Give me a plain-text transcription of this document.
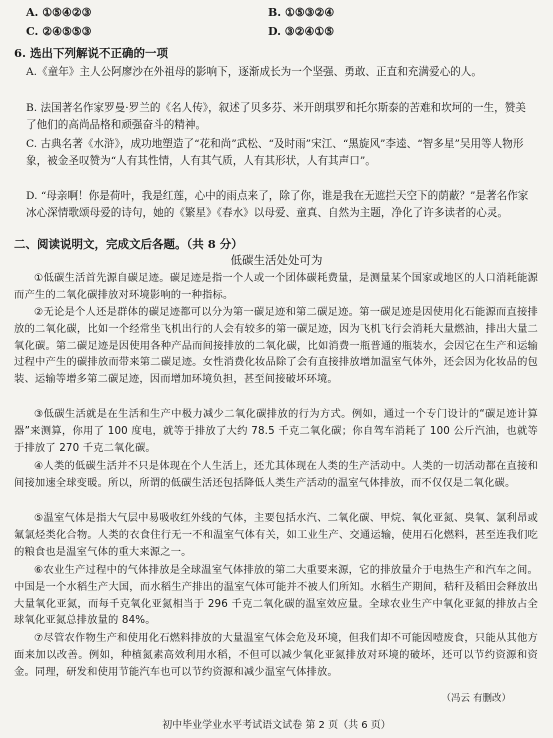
A. ①⑤④②③	B. ①⑤③②④
C. ②④⑤⑤③	D. ③②④①⑤
6. 选出下列解说不正确的一项
A.《童年》主人公阿廖沙在外祖母的影响下，逐渐成长为一个坚强、勇敢、正直和充满爱心的人。
B. 法国著名作家罗曼·罗兰的《名人传》，叙述了贝多芬、米开朗琪罗和托尔斯泰的苦难和坎坷的一生，赞美了他们的高尚品格和顽强奋斗的精神。
C. 古典名著《水浒》，成功地塑造了“花和尚”武松、“及时雨”宋江、“黑旋风”李逵、“智多星”吴用等人物形象，被金圣叹赞为“人有其性情，人有其气质，人有其形状，人有其声口”。
D. “母亲啊！你是荷叶，我是红莲，心中的雨点来了，除了你，谁是我在无遮拦天空下的荫蔽？”是著名作家冰心深情歌颂母爱的诗句，她的《繁星》《春水》以母爱、童真、自然为主题，净化了许多读者的心灵。
二、阅读说明文，完成文后各题。（共 8 分）
低碳生活处处可为
①低碳生活首先源自碳足迹。碳足迹是指一个人或一个团体碳耗费量，是测量某个国家或地区的人口消耗能源而产生的二氧化碳排放对环境影响的一种指标。
②无论是个人还是群体的碳足迹都可以分为第一碳足迹和第二碳足迹。第一碳足迹是因使用化石能源而直接排放的二氧化碳，比如一个经常坐飞机出行的人会有较多的第一碳足迹，因为飞机飞行会消耗大量燃油，排出大量二氧化碳。第二碳足迹是因使用各种产品而间接排放的二氧化碳，比如消费一瓶普通的瓶装水，会因它在生产和运输过程中产生的碳排放而带来第二碳足迹。女性消费化妆品除了会有直接排放增加温室气体外，还会因为化妆品的包装、运输等增多第二碳足迹，因而增加环境负担，甚至间接破坏环境。
③低碳生活就是在生活和生产中极力减少二氧化碳排放的行为方式。例如，通过一个专门设计的“碳足迹计算器”来测算，你用了 100 度电，就等于排放了大约 78.5 千克二氧化碳；你自驾车消耗了 100 公斤汽油，也就等于排放了 270 千克二氧化碳。
④人类的低碳生活并不只是体现在个人生活上，还尤其体现在人类的生产活动中。人类的一切活动都在直接和间接加速全球变暖。所以，所谓的低碳生活还包括降低人类生产活动的温室气体排放，而不仅仅是二氧化碳。
⑤温室气体是指大气层中易吸收红外线的气体，主要包括水汽、二氧化碳、甲烷、氧化亚氮、臭氧、氯利昂或氟氯烃类化合物。人类的衣食住行无一不和温室气体有关，如工业生产、交通运输，使用石化燃料，甚至连我们吃的粮食也是温室气体的重大来源之一。
⑥农业生产过程中的气体排放是全球温室气体排放的第二大重要来源，它的排放量介于电热生产和汽车之间。中国是一个水稻生产大国，而水稻生产排出的温室气体可能并不被人们所知。水稻生产期间，秸秆及稻田会释放出大量氧化亚氮，而每千克氧化亚氮相当于 296 千克二氧化碳的温室效应量。全球农业生产中氧化亚氮的排放占全球氧化亚氮总排放量的 84%。
⑦尽管农作物生产和使用化石燃料排放的大量温室气体会危及环境，但我们却不可能因噎废食，只能从其他方面来加以改善。例如，种植氮素高效利用水稻，不但可以减少氧化亚氮排放对环境的破坏，还可以节约资源和资金。同理，研发和使用节能汽车也可以节约资源和减少温室气体排放。
（冯云 有删改）
初中毕业学业水平考试语文试卷 第 2 页（共 6 页）
